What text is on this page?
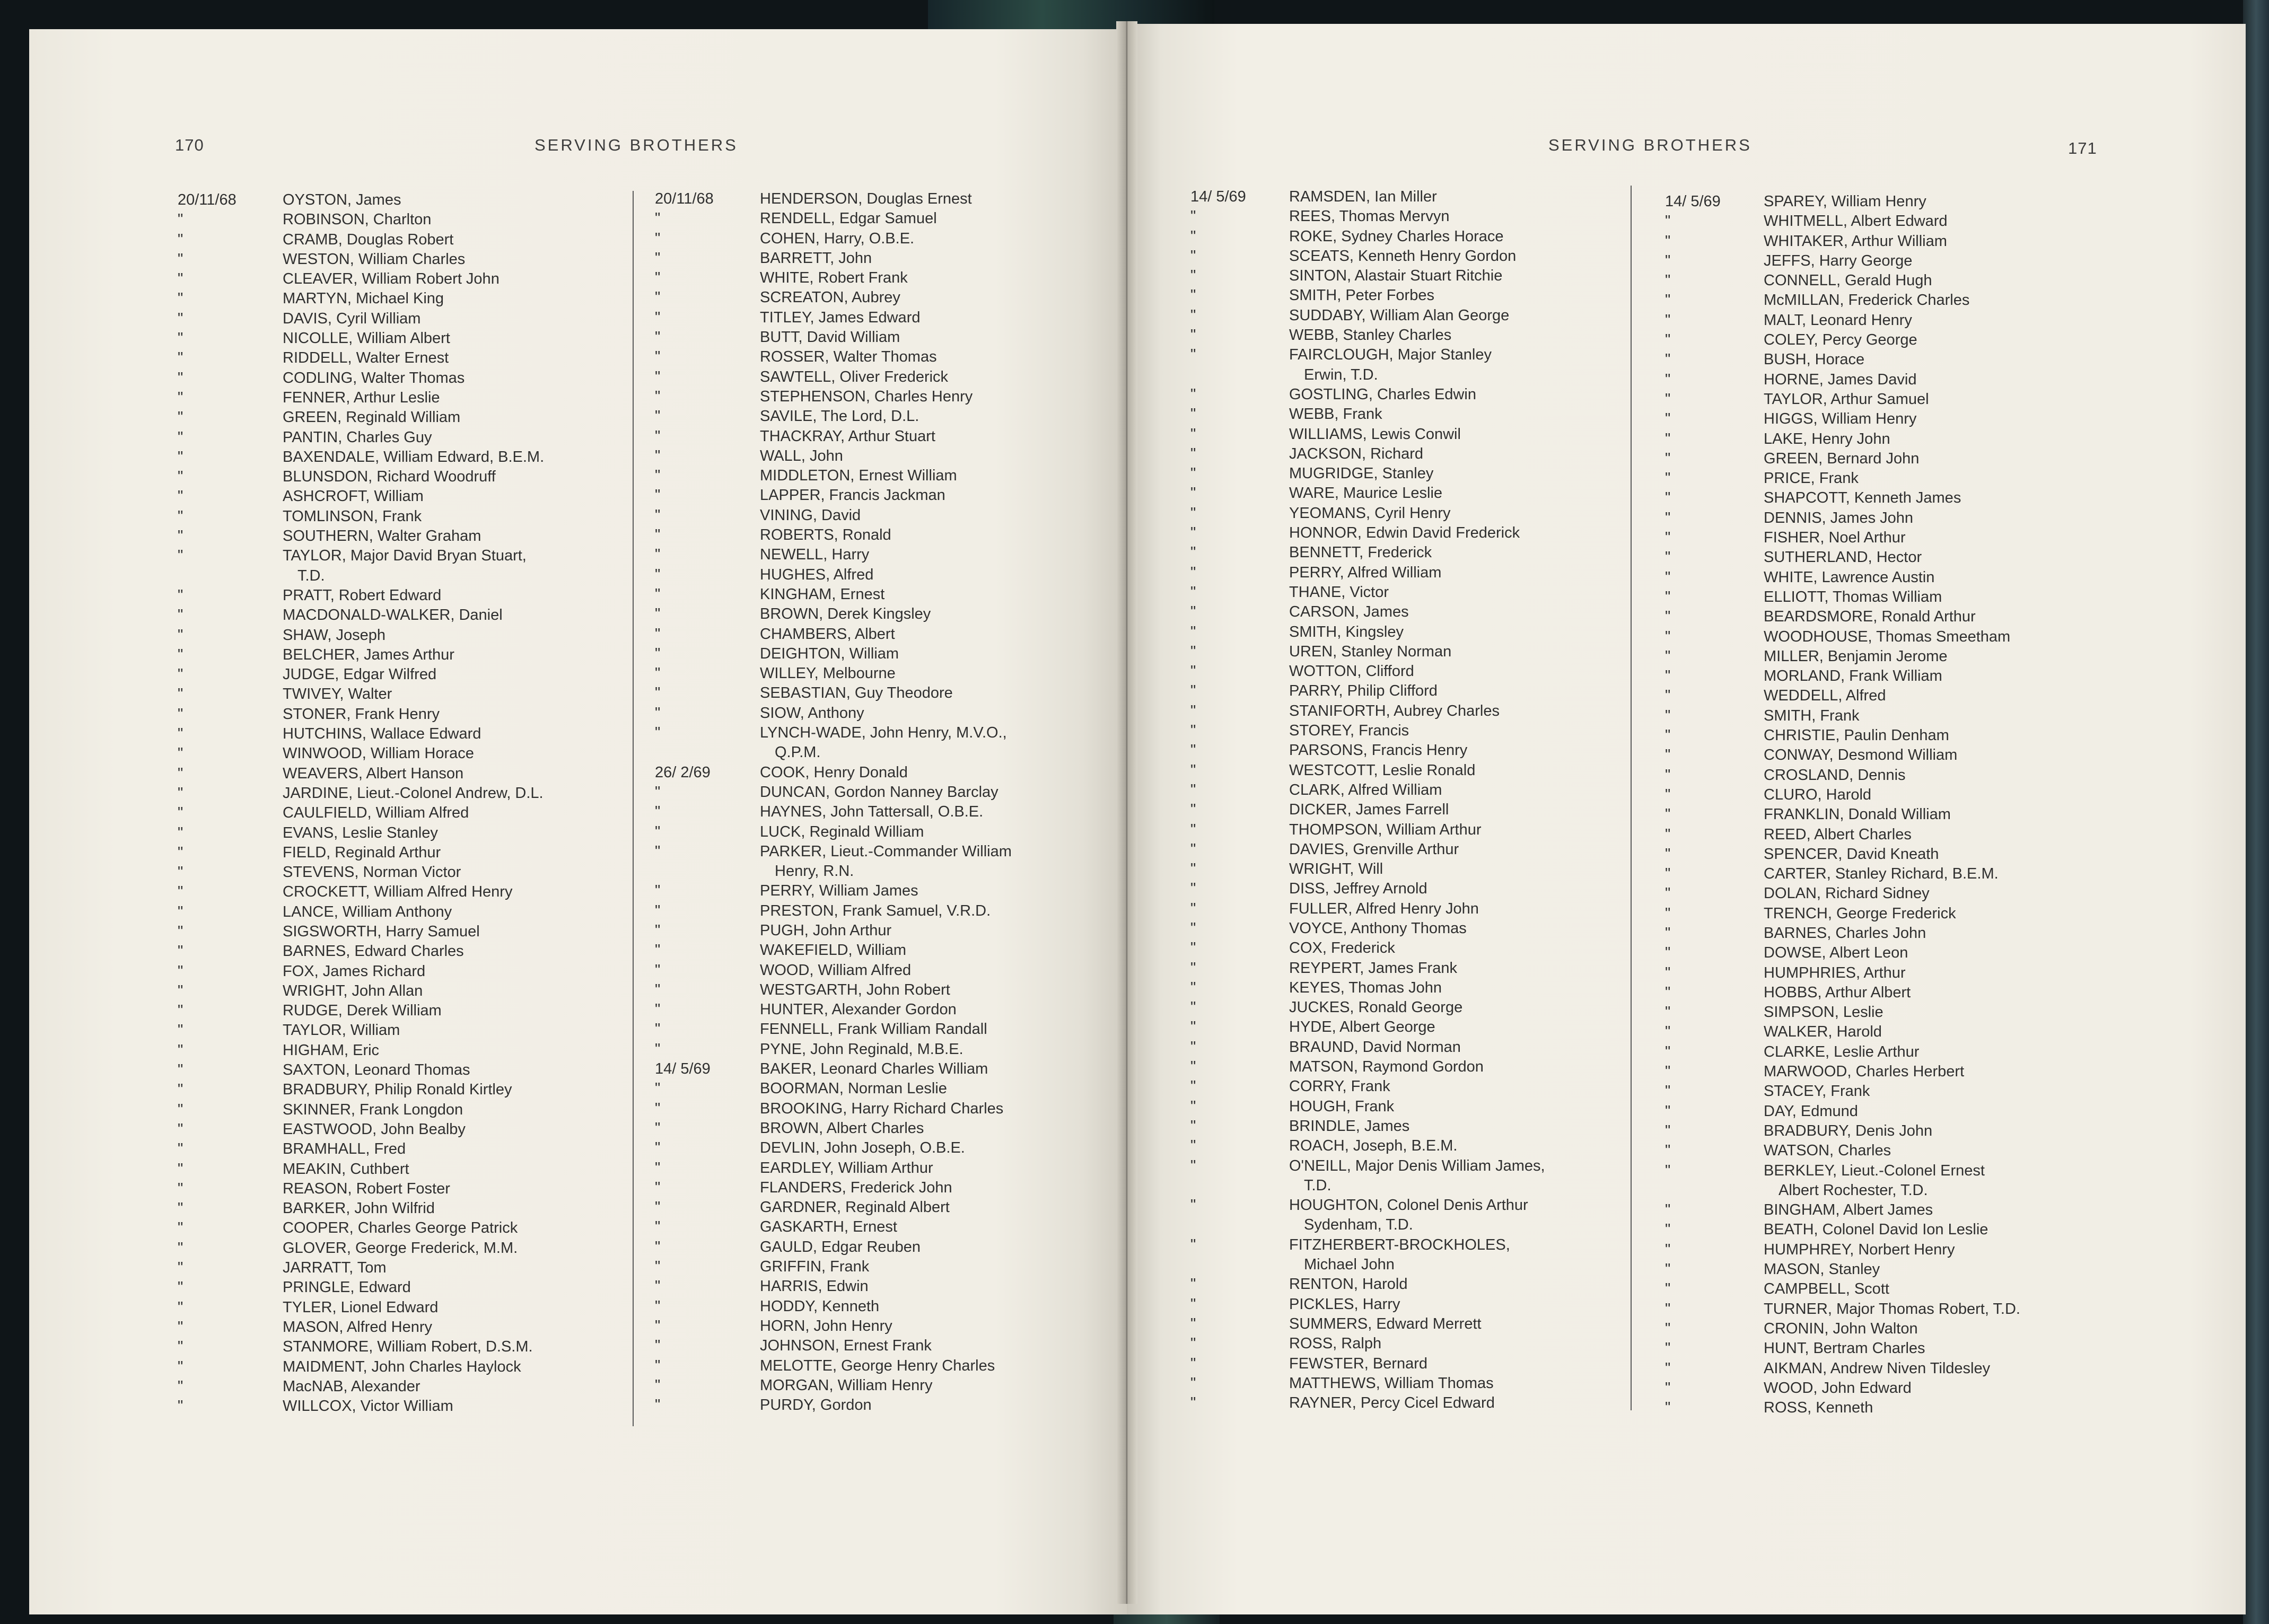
170	SERVING BROTHERS	SERVING BROTHERS	171
20/11/68	OYSTON, James
"	ROBINSON, Charlton
"	CRAMB, Douglas Robert
"	WESTON, William Charles
"	CLEAVER, William Robert John
"	MARTYN, Michael King
"	DAVIS, Cyril William
"	NICOLLE, William Albert
"	RIDDELL, Walter Ernest
"	CODLING, Walter Thomas
"	FENNER, Arthur Leslie
"	GREEN, Reginald William
"	PANTIN, Charles Guy
"	BAXENDALE, William Edward, B.E.M.
"	BLUNSDON, Richard Woodruff
"	ASHCROFT, William
"	TOMLINSON, Frank
"	SOUTHERN, Walter Graham
"	TAYLOR, Major David Bryan Stuart,
T.D.
"	PRATT, Robert Edward
"	MACDONALD-WALKER, Daniel
"	SHAW, Joseph
"	BELCHER, James Arthur
"	JUDGE, Edgar Wilfred
"	TWIVEY, Walter
"	STONER, Frank Henry
"	HUTCHINS, Wallace Edward
"	WINWOOD, William Horace
"	WEAVERS, Albert Hanson
"	JARDINE, Lieut.-Colonel Andrew, D.L.
"	CAULFIELD, William Alfred
"	EVANS, Leslie Stanley
"	FIELD, Reginald Arthur
"	STEVENS, Norman Victor
"	CROCKETT, William Alfred Henry
"	LANCE, William Anthony
"	SIGSWORTH, Harry Samuel
"	BARNES, Edward Charles
"	FOX, James Richard
"	WRIGHT, John Allan
"	RUDGE, Derek William
"	TAYLOR, William
"	HIGHAM, Eric
"	SAXTON, Leonard Thomas
"	BRADBURY, Philip Ronald Kirtley
"	SKINNER, Frank Longdon
"	EASTWOOD, John Bealby
"	BRAMHALL, Fred
"	MEAKIN, Cuthbert
"	REASON, Robert Foster
"	BARKER, John Wilfrid
"	COOPER, Charles George Patrick
"	GLOVER, George Frederick, M.M.
"	JARRATT, Tom
"	PRINGLE, Edward
"	TYLER, Lionel Edward
"	MASON, Alfred Henry
"	STANMORE, William Robert, D.S.M.
"	MAIDMENT, John Charles Haylock
"	MacNAB, Alexander
"	WILLCOX, Victor William
20/11/68	HENDERSON, Douglas Ernest
"	RENDELL, Edgar Samuel
"	COHEN, Harry, O.B.E.
"	BARRETT, John
"	WHITE, Robert Frank
"	SCREATON, Aubrey
"	TITLEY, James Edward
"	BUTT, David William
"	ROSSER, Walter Thomas
"	SAWTELL, Oliver Frederick
"	STEPHENSON, Charles Henry
"	SAVILE, The Lord, D.L.
"	THACKRAY, Arthur Stuart
"	WALL, John
"	MIDDLETON, Ernest William
"	LAPPER, Francis Jackman
"	VINING, David
"	ROBERTS, Ronald
"	NEWELL, Harry
"	HUGHES, Alfred
"	KINGHAM, Ernest
"	BROWN, Derek Kingsley
"	CHAMBERS, Albert
"	DEIGHTON, William
"	WILLEY, Melbourne
"	SEBASTIAN, Guy Theodore
"	SIOW, Anthony
"	LYNCH-WADE, John Henry, M.V.O.,
Q.P.M.
26/ 2/69	COOK, Henry Donald
"	DUNCAN, Gordon Nanney Barclay
"	HAYNES, John Tattersall, O.B.E.
"	LUCK, Reginald William
"	PARKER, Lieut.-Commander William
Henry, R.N.
"	PERRY, William James
"	PRESTON, Frank Samuel, V.R.D.
"	PUGH, John Arthur
"	WAKEFIELD, William
"	WOOD, William Alfred
"	WESTGARTH, John Robert
"	HUNTER, Alexander Gordon
"	FENNELL, Frank William Randall
"	PYNE, John Reginald, M.B.E.
14/ 5/69	BAKER, Leonard Charles William
"	BOORMAN, Norman Leslie
"	BROOKING, Harry Richard Charles
"	BROWN, Albert Charles
"	DEVLIN, John Joseph, O.B.E.
"	EARDLEY, William Arthur
"	FLANDERS, Frederick John
"	GARDNER, Reginald Albert
"	GASKARTH, Ernest
"	GAULD, Edgar Reuben
"	GRIFFIN, Frank
"	HARRIS, Edwin
"	HODDY, Kenneth
"	HORN, John Henry
"	JOHNSON, Ernest Frank
"	MELOTTE, George Henry Charles
"	MORGAN, William Henry
"	PURDY, Gordon
14/ 5/69	RAMSDEN, Ian Miller
"	REES, Thomas Mervyn
"	ROKE, Sydney Charles Horace
"	SCEATS, Kenneth Henry Gordon
"	SINTON, Alastair Stuart Ritchie
"	SMITH, Peter Forbes
"	SUDDABY, William Alan George
"	WEBB, Stanley Charles
"	FAIRCLOUGH, Major Stanley
Erwin, T.D.
"	GOSTLING, Charles Edwin
"	WEBB, Frank
"	WILLIAMS, Lewis Conwil
"	JACKSON, Richard
"	MUGRIDGE, Stanley
"	WARE, Maurice Leslie
"	YEOMANS, Cyril Henry
"	HONNOR, Edwin David Frederick
"	BENNETT, Frederick
"	PERRY, Alfred William
"	THANE, Victor
"	CARSON, James
"	SMITH, Kingsley
"	UREN, Stanley Norman
"	WOTTON, Clifford
"	PARRY, Philip Clifford
"	STANIFORTH, Aubrey Charles
"	STOREY, Francis
"	PARSONS, Francis Henry
"	WESTCOTT, Leslie Ronald
"	CLARK, Alfred William
"	DICKER, James Farrell
"	THOMPSON, William Arthur
"	DAVIES, Grenville Arthur
"	WRIGHT, Will
"	DISS, Jeffrey Arnold
"	FULLER, Alfred Henry John
"	VOYCE, Anthony Thomas
"	COX, Frederick
"	REYPERT, James Frank
"	KEYES, Thomas John
"	JUCKES, Ronald George
"	HYDE, Albert George
"	BRAUND, David Norman
"	MATSON, Raymond Gordon
"	CORRY, Frank
"	HOUGH, Frank
"	BRINDLE, James
"	ROACH, Joseph, B.E.M.
"	O'NEILL, Major Denis William James,
T.D.
"	HOUGHTON, Colonel Denis Arthur
Sydenham, T.D.
"	FITZHERBERT-BROCKHOLES,
Michael John
"	RENTON, Harold
"	PICKLES, Harry
"	SUMMERS, Edward Merrett
"	ROSS, Ralph
"	FEWSTER, Bernard
"	MATTHEWS, William Thomas
"	RAYNER, Percy Cicel Edward
14/ 5/69	SPAREY, William Henry
"	WHITMELL, Albert Edward
"	WHITAKER, Arthur William
"	JEFFS, Harry George
"	CONNELL, Gerald Hugh
"	McMILLAN, Frederick Charles
"	MALT, Leonard Henry
"	COLEY, Percy George
"	BUSH, Horace
"	HORNE, James David
"	TAYLOR, Arthur Samuel
"	HIGGS, William Henry
"	LAKE, Henry John
"	GREEN, Bernard John
"	PRICE, Frank
"	SHAPCOTT, Kenneth James
"	DENNIS, James John
"	FISHER, Noel Arthur
"	SUTHERLAND, Hector
"	WHITE, Lawrence Austin
"	ELLIOTT, Thomas William
"	BEARDSMORE, Ronald Arthur
"	WOODHOUSE, Thomas Smeetham
"	MILLER, Benjamin Jerome
"	MORLAND, Frank William
"	WEDDELL, Alfred
"	SMITH, Frank
"	CHRISTIE, Paulin Denham
"	CONWAY, Desmond William
"	CROSLAND, Dennis
"	CLURO, Harold
"	FRANKLIN, Donald William
"	REED, Albert Charles
"	SPENCER, David Kneath
"	CARTER, Stanley Richard, B.E.M.
"	DOLAN, Richard Sidney
"	TRENCH, George Frederick
"	BARNES, Charles John
"	DOWSE, Albert Leon
"	HUMPHRIES, Arthur
"	HOBBS, Arthur Albert
"	SIMPSON, Leslie
"	WALKER, Harold
"	CLARKE, Leslie Arthur
"	MARWOOD, Charles Herbert
"	STACEY, Frank
"	DAY, Edmund
"	BRADBURY, Denis John
"	WATSON, Charles
"	BERKLEY, Lieut.-Colonel Ernest
Albert Rochester, T.D.
"	BINGHAM, Albert James
"	BEATH, Colonel David Ion Leslie
"	HUMPHREY, Norbert Henry
"	MASON, Stanley
"	CAMPBELL, Scott
"	TURNER, Major Thomas Robert, T.D.
"	CRONIN, John Walton
"	HUNT, Bertram Charles
"	AIKMAN, Andrew Niven Tildesley
"	WOOD, John Edward
"	ROSS, Kenneth
